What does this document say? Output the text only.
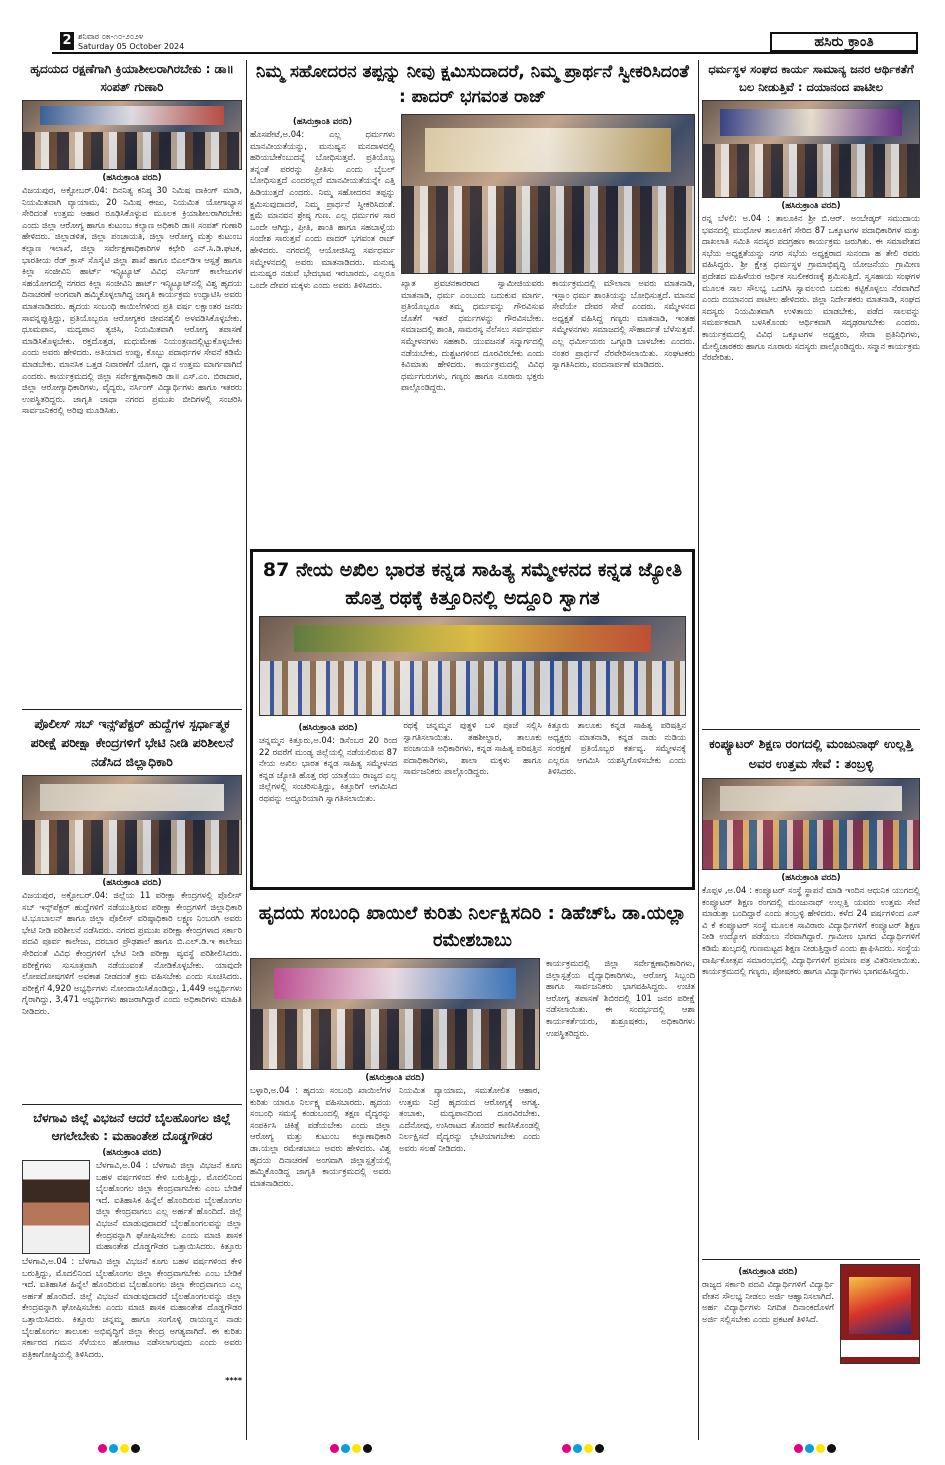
2 ಶನಿವಾರ ೦೫-೧೦-೨೦೨೪
Saturday 05 October 2024	ಹಸಿರು ಕ್ರಾಂತಿ
ಹೃದಯದ ರಕ್ಷಣೆಗಾಗಿ ಕ್ರಿಯಾಶೀಲರಾಗಿರಬೇಕು : ಡಾ॥ ಸಂಪತ್ ಗುಣಾರಿ
(ಹಸಿರುಕ್ರಾಂತಿ ವರದಿ)
ವಿಜಯಪುರ, ಅಕ್ಟೋಬರ್.04: ದಿನನಿತ್ಯ ಕನಿಷ್ಠ 30 ನಿಮಿಷ ವಾಕಿಂಗ್ ಮಾಡಿ, ನಿಯಮಿತವಾಗಿ ವ್ಯಾಯಾಮ, 20 ನಿಮಿಷ ಈಜು, ನಿಯಮಿತ ಯೋಗಾಭ್ಯಾಸ ಸೇರಿದಂತೆ ಉತ್ತಮ ಆಹಾರ ರೂಢಿಸಿಕೊಳ್ಳುವ ಮೂಲಕ ಕ್ರಿಯಾಶೀಲರಾಗಿರಬೇಕು ಎಂದು ಜಿಲ್ಲಾ ಆರೋಗ್ಯ ಹಾಗೂ ಕುಟುಂಬ ಕಲ್ಯಾಣ ಅಧಿಕಾರಿ ಡಾ॥ ಸಂಪತ್ ಗುಣಾರಿ ಹೇಳಿದರು. ಜಿಲ್ಲಾಡಳಿತ, ಜಿಲ್ಲಾ ಪಂಚಾಯತಿ, ಜಿಲ್ಲಾ ಆರೋಗ್ಯ ಮತ್ತು ಕುಟುಂಬ ಕಲ್ಯಾಣ ಇಲಾಖೆ, ಜಿಲ್ಲಾ ಸರ್ವೇಕ್ಷಣಾಧಿಕಾರಿಗಳ ಕಛೇರಿ ಎನ್.ಸಿ.ಡಿ.ಘಟಕ, ಭಾರತೀಯ ರೆಡ್ ಕ್ರಾಸ್ ಸೊಸೈಟಿ ಜಿಲ್ಲಾ ಶಾಖೆ ಹಾಗೂ ಬಿಎಲ್‌ಡಿಇ ಆಸ್ಪತ್ರೆ ಹಾಗೂ ಕಿಲ್ಲಾ ಸಂಜೀವಿನಿ ಹಾರ್ಟ್ ಇನ್ಸ್ಟಿಟ್ಯೂಟ್ ವಿವಿಧ ನರ್ಸಿಂಗ್ ಕಾಲೇಜುಗಳ ಸಹಯೋಗದಲ್ಲಿ ನಗರದ ಕಿಲ್ಲಾ ಸಂಜೀವಿನಿ ಹಾರ್ಟ್ ಇನ್ಸ್ಟಿಟ್ಯೂಟ್‌ನಲ್ಲಿ ವಿಶ್ವ ಹೃದಯ ದಿನಾಚರಣೆ ಅಂಗವಾಗಿ ಹಮ್ಮಿಕೊಳ್ಳಲಾಗಿದ್ದ ಜಾಗೃತಿ ಕಾರ್ಯಕ್ರಮ ಉದ್ಘಾಟಿಸಿ ಅವರು ಮಾತನಾಡಿದರು. ಹೃದಯ ಸಂಬಂಧಿ ಕಾಯಿಲೆಗಳಿಂದ ಪ್ರತಿ ವರ್ಷ ಲಕ್ಷಾಂತರ ಜನರು ಸಾವನ್ನಪ್ಪುತ್ತಿದ್ದು, ಪ್ರತಿಯೊಬ್ಬರೂ ಆರೋಗ್ಯಕರ ಜೀವನಶೈಲಿ ಅಳವಡಿಸಿಕೊಳ್ಳಬೇಕು. ಧೂಮಪಾನ, ಮದ್ಯಪಾನ ತ್ಯಜಿಸಿ, ನಿಯಮಿತವಾಗಿ ಆರೋಗ್ಯ ತಪಾಸಣೆ ಮಾಡಿಸಿಕೊಳ್ಳಬೇಕು. ರಕ್ತದೊತ್ತಡ, ಮಧುಮೇಹ ನಿಯಂತ್ರಣದಲ್ಲಿಟ್ಟುಕೊಳ್ಳಬೇಕು ಎಂದು ಅವರು ಹೇಳಿದರು. ಅತಿಯಾದ ಉಪ್ಪು, ಕೊಬ್ಬು ಪದಾರ್ಥಗಳ ಸೇವನೆ ಕಡಿಮೆ ಮಾಡಬೇಕು. ಮಾನಸಿಕ ಒತ್ತಡ ನಿವಾರಣೆಗೆ ಯೋಗ, ಧ್ಯಾನ ಉತ್ತಮ ಮಾರ್ಗವಾಗಿದೆ ಎಂದರು. ಕಾರ್ಯಕ್ರಮದಲ್ಲಿ ಜಿಲ್ಲಾ ಸರ್ವೇಕ್ಷಣಾಧಿಕಾರಿ ಡಾ॥ ಎಸ್.ಎಂ. ಬಿರಾದಾರ, ಜಿಲ್ಲಾ ಆರೋಗ್ಯಾಧಿಕಾರಿಗಳು, ವೈದ್ಯರು, ನರ್ಸಿಂಗ್ ವಿದ್ಯಾರ್ಥಿಗಳು ಹಾಗೂ ಇತರರು ಉಪಸ್ಥಿತರಿದ್ದರು. ಜಾಗೃತಿ ಜಾಥಾ ನಗರದ ಪ್ರಮುಖ ಬೀದಿಗಳಲ್ಲಿ ಸಂಚರಿಸಿ ಸಾರ್ವಜನಿಕರಲ್ಲಿ ಅರಿವು ಮೂಡಿಸಿತು.
ಪೊಲೀಸ್ ಸಬ್ ಇನ್ಸ್‌ಪೆಕ್ಟರ್ ಹುದ್ದೆಗಳ ಸ್ಪರ್ಧಾತ್ಮಕ ಪರೀಕ್ಷೆ ಪರೀಕ್ಷಾ ಕೇಂದ್ರಗಳಿಗೆ ಭೇಟಿ ನೀಡಿ ಪರಿಶೀಲನೆ ನಡೆಸಿದ ಜಿಲ್ಲಾಧಿಕಾರಿ
(ಹಸಿರುಕ್ರಾಂತಿ ವರದಿ)
ವಿಜಯಪುರ, ಅಕ್ಟೋಬರ್.04: ಜಿಲ್ಲೆಯ 11 ಪರೀಕ್ಷಾ ಕೇಂದ್ರಗಳಲ್ಲಿ ಪೊಲೀಸ್ ಸಬ್ ಇನ್ಸ್‌ಪೆಕ್ಟರ್ ಹುದ್ದೆಗಳಿಗೆ ನಡೆಯುತ್ತಿರುವ ಪರೀಕ್ಷಾ ಕೇಂದ್ರಗಳಿಗೆ ಜಿಲ್ಲಾಧಿಕಾರಿ ಟಿ.ಭೂಬಾಲನ್ ಹಾಗೂ ಜಿಲ್ಲಾ ಪೊಲೀಸ್ ವರಿಷ್ಠಾಧಿಕಾರಿ ಲಕ್ಷ್ಮಣ ನಿಂಬರಗಿ ಅವರು ಭೇಟಿ ನೀಡಿ ಪರಿಶೀಲನೆ ನಡೆಸಿದರು. ನಗರದ ಪ್ರಮುಖ ಪರೀಕ್ಷಾ ಕೇಂದ್ರಗಳಾದ ಸರ್ಕಾರಿ ಪದವಿ ಪೂರ್ವ ಕಾಲೇಜು, ದರಬಾರ ಪ್ರೌಢಶಾಲೆ ಹಾಗೂ ಬಿ.ಎಲ್.ಡಿ.ಇ ಕಾಲೇಜು ಸೇರಿದಂತೆ ವಿವಿಧ ಕೇಂದ್ರಗಳಿಗೆ ಭೇಟಿ ನೀಡಿ ಪರೀಕ್ಷಾ ವ್ಯವಸ್ಥೆ ಪರಿಶೀಲಿಸಿದರು. ಪರೀಕ್ಷೆಗಳು ಸುಸೂತ್ರವಾಗಿ ನಡೆಯುವಂತೆ ನೋಡಿಕೊಳ್ಳಬೇಕು. ಯಾವುದೇ ಲೋಪದೋಷಗಳಿಗೆ ಅವಕಾಶ ನೀಡದಂತೆ ಕ್ರಮ ವಹಿಸಬೇಕು ಎಂದು ಸೂಚಿಸಿದರು. ಪರೀಕ್ಷೆಗೆ 4,920 ಅಭ್ಯರ್ಥಿಗಳು ನೋಂದಾಯಿಸಿಕೊಂಡಿದ್ದು, 1,449 ಅಭ್ಯರ್ಥಿಗಳು ಗೈರಾಗಿದ್ದು, 3,471 ಅಭ್ಯರ್ಥಿಗಳು ಹಾಜರಾಗಿದ್ದಾರೆ ಎಂದು ಅಧಿಕಾರಿಗಳು ಮಾಹಿತಿ ನೀಡಿದರು.
ಬೆಳಗಾವಿ ಜಿಲ್ಲೆ ವಿಭಜನೆ ಆದರೆ ಬೈಲಹೊಂಗಲ ಜಿಲ್ಲೆ ಆಗಲೇಬೇಕು : ಮಹಾಂತೇಶ ದೊಡ್ಡಗೌಡರ
(ಹಸಿರುಕ್ರಾಂತಿ ವರದಿ)
ಬೆಳಗಾವಿ,ಅ.04 : ಬೆಳಗಾವಿ ಜಿಲ್ಲಾ ವಿಭಜನೆ ಕೂಗು ಬಹಳ ವರ್ಷಗಳಿಂದ ಕೇಳಿ ಬರುತ್ತಿದ್ದು, ಮೊದಲಿನಿಂದ ಬೈಲಹೊಂಗಲ ಜಿಲ್ಲಾ ಕೇಂದ್ರವಾಗಬೇಕು ಎಂಬ ಬೇಡಿಕೆ ಇದೆ. ಐತಿಹಾಸಿಕ ಹಿನ್ನೆಲೆ ಹೊಂದಿರುವ ಬೈಲಹೊಂಗಲ ಜಿಲ್ಲಾ ಕೇಂದ್ರವಾಗಲು ಎಲ್ಲ ಅರ್ಹತೆ ಹೊಂದಿದೆ. ಜಿಲ್ಲೆ ವಿಭಜನೆ ಮಾಡುವುದಾದರೆ ಬೈಲಹೊಂಗಲವನ್ನು ಜಿಲ್ಲಾ ಕೇಂದ್ರವನ್ನಾಗಿ ಘೋಷಿಸಬೇಕು ಎಂದು ಮಾಜಿ ಶಾಸಕ ಮಹಾಂತೇಶ ದೊಡ್ಡಗೌಡರ ಒತ್ತಾಯಿಸಿದರು. ಕಿತ್ತೂರು
ಬೆಳಗಾವಿ,ಅ.04 : ಬೆಳಗಾವಿ ಜಿಲ್ಲಾ ವಿಭಜನೆ ಕೂಗು ಬಹಳ ವರ್ಷಗಳಿಂದ ಕೇಳಿ ಬರುತ್ತಿದ್ದು, ಮೊದಲಿನಿಂದ ಬೈಲಹೊಂಗಲ ಜಿಲ್ಲಾ ಕೇಂದ್ರವಾಗಬೇಕು ಎಂಬ ಬೇಡಿಕೆ ಇದೆ. ಐತಿಹಾಸಿಕ ಹಿನ್ನೆಲೆ ಹೊಂದಿರುವ ಬೈಲಹೊಂಗಲ ಜಿಲ್ಲಾ ಕೇಂದ್ರವಾಗಲು ಎಲ್ಲ ಅರ್ಹತೆ ಹೊಂದಿದೆ. ಜಿಲ್ಲೆ ವಿಭಜನೆ ಮಾಡುವುದಾದರೆ ಬೈಲಹೊಂಗಲವನ್ನು ಜಿಲ್ಲಾ ಕೇಂದ್ರವನ್ನಾಗಿ ಘೋಷಿಸಬೇಕು ಎಂದು ಮಾಜಿ ಶಾಸಕ ಮಹಾಂತೇಶ ದೊಡ್ಡಗೌಡರ ಒತ್ತಾಯಿಸಿದರು. ಕಿತ್ತೂರು ಚನ್ನಮ್ಮ ಹಾಗೂ ಸಂಗೊಳ್ಳಿ ರಾಯಣ್ಣನ ನಾಡು ಬೈಲಹೊಂಗಲ ತಾಲೂಕು ಅಭಿವೃದ್ಧಿಗೆ ಜಿಲ್ಲಾ ಕೇಂದ್ರ ಅಗತ್ಯವಾಗಿದೆ. ಈ ಕುರಿತು ಸರ್ಕಾರದ ಗಮನ ಸೆಳೆಯಲು ಹೋರಾಟ ನಡೆಸಲಾಗುವುದು ಎಂದು ಅವರು ಪತ್ರಿಕಾಗೋಷ್ಠಿಯಲ್ಲಿ ತಿಳಿಸಿದರು.
****
ನಿಮ್ಮ ಸಹೋದರನ ತಪ್ಪನ್ನು ನೀವು ಕ್ಷಮಿಸುದಾದರೆ, ನಿಮ್ಮ ಪ್ರಾರ್ಥನೆ ಸ್ವೀಕರಿಸಿದಂತೆ : ಪಾದರ್ ಭಗವಂತ ರಾಜ್
(ಹಸಿರುಕ್ರಾಂತಿ ವರದಿ)
ಹೊಸಪೇಟೆ,ಅ.04: ಎಲ್ಲ ಧರ್ಮಗಳು ಮಾನವೀಯತೆಯನ್ನು, ಮನುಷ್ಯನ ಮನದಾಳದಲ್ಲಿ ಹರಿಯಬೇಕೆಂಬುದನ್ನೆ ಬೋಧಿಸುತ್ತವೆ. ಪ್ರತಿಯೊಬ್ಬ ತನ್ನಂತೆ ಪರರನ್ನು ಪ್ರೀತಿಸು ಎಂದು ಬೈಬಲ್ ಬೋಧಿಸುತ್ತದೆ ಎಂದರಲ್ಲದೆ ಮಾನವೀಯತೆಯನ್ನೇ ಎತ್ತಿ ಹಿಡಿಯುತ್ತದೆ ಎಂದರು. ನಿಮ್ಮ ಸಹೋದರನ ತಪ್ಪನ್ನು ಕ್ಷಮಿಸುವುದಾದರೆ, ನಿಮ್ಮ ಪ್ರಾರ್ಥನೆ ಸ್ವೀಕರಿಸಿದಂತೆ. ಕ್ಷಮೆ ಮಾನವನ ಶ್ರೇಷ್ಠ ಗುಣ. ಎಲ್ಲ ಧರ್ಮಗಳ ಸಾರ ಒಂದೇ ಆಗಿದ್ದು, ಪ್ರೀತಿ, ಶಾಂತಿ ಹಾಗೂ ಸಹಬಾಳ್ವೆಯ ಸಂದೇಶ ಸಾರುತ್ತವೆ ಎಂದು ಪಾದರ್ ಭಗವಂತ ರಾಜ್ ಹೇಳಿದರು. ನಗರದಲ್ಲಿ ಆಯೋಜಿಸಿದ್ದ ಸರ್ವಧರ್ಮ ಸಮ್ಮೇಳನದಲ್ಲಿ ಅವರು ಮಾತನಾಡಿದರು. ಮನುಷ್ಯ ಮನುಷ್ಯರ ನಡುವೆ ಭೇದಭಾವ ಇರಬಾರದು, ಎಲ್ಲರೂ ಒಂದೇ ದೇವರ ಮಕ್ಕಳು ಎಂದು ಅವರು ತಿಳಿಸಿದರು.	ಖ್ಯಾತ ಪ್ರವಚನಕಾರರಾದ ಸ್ವಾಮೀಜಿಯವರು ಮಾತನಾಡಿ, ಧರ್ಮ ಎಂಬುದು ಬದುಕುವ ಮಾರ್ಗ. ಪ್ರತಿಯೊಬ್ಬರೂ ತಮ್ಮ ಧರ್ಮವನ್ನು ಗೌರವಿಸುವ ಜೊತೆಗೆ ಇತರೆ ಧರ್ಮಗಳನ್ನು ಗೌರವಿಸಬೇಕು. ಸಮಾಜದಲ್ಲಿ ಶಾಂತಿ, ಸಾಮರಸ್ಯ ನೆಲೆಸಲು ಸರ್ವಧರ್ಮ ಸಮ್ಮೇಳನಗಳು ಸಹಕಾರಿ. ಯುವಜನತೆ ಸನ್ಮಾರ್ಗದಲ್ಲಿ ನಡೆಯಬೇಕು, ದುಶ್ಚಟಗಳಿಂದ ದೂರವಿರಬೇಕು ಎಂದು ಕಿವಿಮಾತು ಹೇಳಿದರು. ಕಾರ್ಯಕ್ರಮದಲ್ಲಿ ವಿವಿಧ ಧರ್ಮಗುರುಗಳು, ಗಣ್ಯರು ಹಾಗೂ ನೂರಾರು ಭಕ್ತರು ಪಾಲ್ಗೊಂಡಿದ್ದರು.
ಕಾರ್ಯಕ್ರಮದಲ್ಲಿ ಮೌಲಾನಾ ಅವರು ಮಾತನಾಡಿ, ಇಸ್ಲಾಂ ಧರ್ಮ ಶಾಂತಿಯನ್ನು ಬೋಧಿಸುತ್ತದೆ. ಮಾನವ ಸೇವೆಯೇ ದೇವರ ಸೇವೆ ಎಂದರು. ಸಮ್ಮೇಳನದ ಅಧ್ಯಕ್ಷತೆ ವಹಿಸಿದ್ದ ಗಣ್ಯರು ಮಾತನಾಡಿ, ಇಂತಹ ಸಮ್ಮೇಳನಗಳು ಸಮಾಜದಲ್ಲಿ ಸೌಹಾರ್ದತೆ ಬೆಳೆಸುತ್ತವೆ. ಎಲ್ಲ ಧರ್ಮೀಯರು ಒಗ್ಗೂಡಿ ಬಾಳಬೇಕು ಎಂದರು. ನಂತರ ಪ್ರಾರ್ಥನೆ ನೆರವೇರಿಸಲಾಯಿತು. ಸಂಘಟಕರು ಸ್ವಾಗತಿಸಿದರು, ವಂದನಾರ್ಪಣೆ ಮಾಡಿದರು.
87 ನೇಯ ಅಖಿಲ ಭಾರತ ಕನ್ನಡ ಸಾಹಿತ್ಯ ಸಮ್ಮೇಳನದ ಕನ್ನಡ ಜ್ಯೋತಿ ಹೊತ್ತ ರಥಕ್ಕೆ ಕಿತ್ತೂರಿನಲ್ಲಿ ಅದ್ದೂರಿ ಸ್ವಾಗತ
(ಹಸಿರುಕ್ರಾಂತಿ ವರದಿ)
ಚನ್ನಮ್ಮನ ಕಿತ್ತೂರು,ಅ.04: ಡಿಸೆಂಬರ 20 ರಿಂದ 22 ರವರೆಗೆ ಮಂಡ್ಯ ಜಿಲ್ಲೆಯಲ್ಲಿ ನಡೆಯಲಿರುವ 87 ನೇಯ ಅಖಿಲ ಭಾರತ ಕನ್ನಡ ಸಾಹಿತ್ಯ ಸಮ್ಮೇಳನದ ಕನ್ನಡ ಜ್ಯೋತಿ ಹೊತ್ತ ರಥ ಯಾತ್ರೆಯು ರಾಜ್ಯದ ಎಲ್ಲ ಜಿಲ್ಲೆಗಳಲ್ಲಿ ಸಂಚರಿಸುತ್ತಿದ್ದು, ಕಿತ್ತೂರಿಗೆ ಆಗಮಿಸಿದ ರಥವನ್ನು ಅದ್ದೂರಿಯಾಗಿ ಸ್ವಾಗತಿಸಲಾಯಿತು.
ರಥಕ್ಕೆ ಚನ್ನಮ್ಮನ ಪುತ್ಥಳಿ ಬಳಿ ಪೂಜೆ ಸಲ್ಲಿಸಿ ಸ್ವಾಗತಿಸಲಾಯಿತು. ತಹಶೀಲ್ದಾರ, ತಾಲೂಕು ಪಂಚಾಯತಿ ಅಧಿಕಾರಿಗಳು, ಕನ್ನಡ ಸಾಹಿತ್ಯ ಪರಿಷತ್ತಿನ ಪದಾಧಿಕಾರಿಗಳು, ಶಾಲಾ ಮಕ್ಕಳು ಹಾಗೂ ಸಾರ್ವಜನಿಕರು ಪಾಲ್ಗೊಂಡಿದ್ದರು.
ಕಿತ್ತೂರು ತಾಲೂಕು ಕನ್ನಡ ಸಾಹಿತ್ಯ ಪರಿಷತ್ತಿನ ಅಧ್ಯಕ್ಷರು ಮಾತನಾಡಿ, ಕನ್ನಡ ನಾಡು ನುಡಿಯ ಸಂರಕ್ಷಣೆ ಪ್ರತಿಯೊಬ್ಬರ ಕರ್ತವ್ಯ. ಸಮ್ಮೇಳನಕ್ಕೆ ಎಲ್ಲರೂ ಆಗಮಿಸಿ ಯಶಸ್ವಿಗೊಳಿಸಬೇಕು ಎಂದು ತಿಳಿಸಿದರು.
ಹೃದಯ ಸಂಬಂಧಿ ಖಾಯಿಲೆ ಕುರಿತು ನಿರ್ಲಕ್ಷಿಸದಿರಿ : ಡಿಹೆಚ್‌ಓ ಡಾ.ಯಲ್ಲಾ ರಮೇಶಬಾಬು
(ಹಸಿರುಕ್ರಾಂತಿ ವರದಿ)
ಬಳ್ಳಾರಿ,ಅ.04 : ಹೃದಯ ಸಂಬಂಧಿ ಖಾಯಿಲೆಗಳ ಕುರಿತು ಯಾರೂ ನಿರ್ಲಕ್ಷ್ಯ ವಹಿಸಬಾರದು. ಹೃದಯ ಸಂಬಂಧಿ ಸಮಸ್ಯೆ ಕಂಡುಬಂದಲ್ಲಿ ತಕ್ಷಣ ವೈದ್ಯರನ್ನು ಸಂಪರ್ಕಿಸಿ ಚಿಕಿತ್ಸೆ ಪಡೆಯಬೇಕು ಎಂದು ಜಿಲ್ಲಾ ಆರೋಗ್ಯ ಮತ್ತು ಕುಟುಂಬ ಕಲ್ಯಾಣಾಧಿಕಾರಿ ಡಾ.ಯಲ್ಲಾ ರಮೇಶಬಾಬು ಅವರು ಹೇಳಿದರು. ವಿಶ್ವ ಹೃದಯ ದಿನಾಚರಣೆ ಅಂಗವಾಗಿ ಜಿಲ್ಲಾಸ್ಪತ್ರೆಯಲ್ಲಿ ಹಮ್ಮಿಕೊಂಡಿದ್ದ ಜಾಗೃತಿ ಕಾರ್ಯಕ್ರಮದಲ್ಲಿ ಅವರು ಮಾತನಾಡಿದರು.
ನಿಯಮಿತ ವ್ಯಾಯಾಮ, ಸಮತೋಲಿತ ಆಹಾರ, ಉತ್ತಮ ನಿದ್ರೆ ಹೃದಯದ ಆರೋಗ್ಯಕ್ಕೆ ಅಗತ್ಯ. ತಂಬಾಕು, ಮದ್ಯಪಾನದಿಂದ ದೂರವಿರಬೇಕು. ಎದೆನೋವು, ಉಸಿರಾಟದ ತೊಂದರೆ ಕಾಣಿಸಿಕೊಂಡಲ್ಲಿ ನಿರ್ಲಕ್ಷಿಸದೆ ವೈದ್ಯರನ್ನು ಭೇಟಿಯಾಗಬೇಕು ಎಂದು ಅವರು ಸಲಹೆ ನೀಡಿದರು.
ಕಾರ್ಯಕ್ರಮದಲ್ಲಿ ಜಿಲ್ಲಾ ಸರ್ವೇಕ್ಷಣಾಧಿಕಾರಿಗಳು, ಜಿಲ್ಲಾಸ್ಪತ್ರೆಯ ವೈದ್ಯಾಧಿಕಾರಿಗಳು, ಆರೋಗ್ಯ ಸಿಬ್ಬಂದಿ ಹಾಗೂ ಸಾರ್ವಜನಿಕರು ಭಾಗವಹಿಸಿದ್ದರು. ಉಚಿತ ಆರೋಗ್ಯ ತಪಾಸಣೆ ಶಿಬಿರದಲ್ಲಿ 101 ಜನರ ಪರೀಕ್ಷೆ ನಡೆಸಲಾಯಿತು. ಈ ಸಂದರ್ಭದಲ್ಲಿ ಆಶಾ ಕಾರ್ಯಕರ್ತೆಯರು, ಶುಶ್ರೂಷಕರು, ಅಧಿಕಾರಿಗಳು ಉಪಸ್ಥಿತರಿದ್ದರು.
ಧರ್ಮಸ್ಥಳ ಸಂಘದ ಕಾರ್ಯ ಸಾಮಾನ್ಯ ಜನರ ಆರ್ಥಿಕತೆಗೆ ಬಲ ನೀಡುತ್ತಿವೆ : ದಯಾನಂದ ಪಾಟೀಲ
(ಹಸಿರುಕ್ರಾಂತಿ ವರದಿ)
ರನ್ನ ಬೆಳಲಿ: ಅ.04 : ತಾಲೂಕಿನ ಶ್ರೀ ಬಿ.ಆರ್. ಅಂಬೇಡ್ಕರ್ ಸಮುದಾಯ ಭವನದಲ್ಲಿ ಮುಧೋಳ ತಾಲೂಕಿಗೆ ಸೇರಿದ 87 ಒಕ್ಕೂಟಗಳ ಪದಾಧಿಕಾರಿಗಳ ಮತ್ತು ದಾಖಲಾತಿ ಸಮಿತಿ ಸದಸ್ಯರ ಪದಗ್ರಹಣ ಕಾರ್ಯಕ್ರಮ ಜರುಗಿತು. ಈ ಸಮಾವೇಶದ ಸಭೆಯ ಅಧ್ಯಕ್ಷತೆಯನ್ನು ನಗರ ಸಭೆಯ ಅಧ್ಯಕ್ಷರಾದ ಸುನಂದಾ ಹ ತೇಲಿ ರವರು ವಹಿಸಿದ್ದರು. ಶ್ರೀ ಕ್ಷೇತ್ರ ಧರ್ಮಸ್ಥಳ ಗ್ರಾಮಾಭಿವೃದ್ಧಿ ಯೋಜನೆಯು ಗ್ರಾಮೀಣ ಪ್ರದೇಶದ ಮಹಿಳೆಯರ ಆರ್ಥಿಕ ಸಬಲೀಕರಣಕ್ಕೆ ಶ್ರಮಿಸುತ್ತಿದೆ. ಸ್ವಸಹಾಯ ಸಂಘಗಳ ಮೂಲಕ ಸಾಲ ಸೌಲಭ್ಯ ಒದಗಿಸಿ ಸ್ವಾವಲಂಬಿ ಬದುಕು ಕಟ್ಟಿಕೊಳ್ಳಲು ನೆರವಾಗಿದೆ ಎಂದು ದಯಾನಂದ ಪಾಟೀಲ ಹೇಳಿದರು. ಜಿಲ್ಲಾ ನಿರ್ದೇಶಕರು ಮಾತನಾಡಿ, ಸಂಘದ ಸದಸ್ಯರು ನಿಯಮಿತವಾಗಿ ಉಳಿತಾಯ ಮಾಡಬೇಕು, ಪಡೆದ ಸಾಲವನ್ನು ಸಮರ್ಪಕವಾಗಿ ಬಳಸಿಕೊಂಡು ಆರ್ಥಿಕವಾಗಿ ಸದೃಢರಾಗಬೇಕು ಎಂದರು. ಕಾರ್ಯಕ್ರಮದಲ್ಲಿ ವಿವಿಧ ಒಕ್ಕೂಟಗಳ ಅಧ್ಯಕ್ಷರು, ಸೇವಾ ಪ್ರತಿನಿಧಿಗಳು, ಮೇಲ್ವಿಚಾರಕರು ಹಾಗೂ ನೂರಾರು ಸದಸ್ಯರು ಪಾಲ್ಗೊಂಡಿದ್ದರು. ಸನ್ಮಾನ ಕಾರ್ಯಕ್ರಮ ನೆರವೇರಿತು.
ಕಂಪ್ಯೂಟರ್ ಶಿಕ್ಷಣ ರಂಗದಲ್ಲಿ ಮಂಜುನಾಥ್ ಉಲ್ಲತ್ತಿ ಅವರ ಉತ್ತಮ ಸೇವೆ : ತಂಬ್ರಳ್ಳಿ
(ಹಸಿರುಕ್ರಾಂತಿ ವರದಿ)
ಕೊಪ್ಪಳ ,ಅ.04 : ಕಂಪ್ಯೂಟರ್ ಸಂಸ್ಥೆ ಸ್ಥಾಪನೆ ಮಾಡಿ ಇಂದಿನ ಆಧುನಿಕ ಯುಗದಲ್ಲಿ ಕಂಪ್ಯೂಟರ್ ಶಿಕ್ಷಣ ರಂಗದಲ್ಲಿ ಮಂಜುನಾಥ್ ಉಲ್ಲತ್ತಿ ಯವರು ಉತ್ತಮ ಸೇವೆ ಮಾಡುತ್ತಾ ಬಂದಿದ್ದಾರೆ ಎಂದು ತಂಬ್ರಳ್ಳಿ ಹೇಳಿದರು. ಕಳೆದ 24 ವರ್ಷಗಳಿಂದ ಎಸ್ ವಿ ಕೆ ಕಂಪ್ಯೂಟರ್ ಸಂಸ್ಥೆ ಮೂಲಕ ಸಾವಿರಾರು ವಿದ್ಯಾರ್ಥಿಗಳಿಗೆ ಕಂಪ್ಯೂಟರ್ ಶಿಕ್ಷಣ ನೀಡಿ ಉದ್ಯೋಗ ಪಡೆಯಲು ನೆರವಾಗಿದ್ದಾರೆ. ಗ್ರಾಮೀಣ ಭಾಗದ ವಿದ್ಯಾರ್ಥಿಗಳಿಗೆ ಕಡಿಮೆ ಶುಲ್ಕದಲ್ಲಿ ಗುಣಮಟ್ಟದ ಶಿಕ್ಷಣ ನೀಡುತ್ತಿದ್ದಾರೆ ಎಂದು ಶ್ಲಾಘಿಸಿದರು. ಸಂಸ್ಥೆಯ ವಾರ್ಷಿಕೋತ್ಸವ ಸಮಾರಂಭದಲ್ಲಿ ವಿದ್ಯಾರ್ಥಿಗಳಿಗೆ ಪ್ರಮಾಣ ಪತ್ರ ವಿತರಿಸಲಾಯಿತು. ಕಾರ್ಯಕ್ರಮದಲ್ಲಿ ಗಣ್ಯರು, ಪೋಷಕರು ಹಾಗೂ ವಿದ್ಯಾರ್ಥಿಗಳು ಭಾಗವಹಿಸಿದ್ದರು.
(ಹಸಿರುಕ್ರಾಂತಿ ವರದಿ)
ರಾಜ್ಯದ ಸರ್ಕಾರಿ ಪದವಿ ವಿದ್ಯಾರ್ಥಿಗಳಿಗೆ ವಿದ್ಯಾರ್ಥಿ ವೇತನ ಸೌಲಭ್ಯ ನೀಡಲು ಅರ್ಜಿ ಆಹ್ವಾನಿಸಲಾಗಿದೆ. ಅರ್ಹ ವಿದ್ಯಾರ್ಥಿಗಳು ನಿಗದಿತ ದಿನಾಂಕದೊಳಗೆ ಅರ್ಜಿ ಸಲ್ಲಿಸಬೇಕು ಎಂದು ಪ್ರಕಟಣೆ ತಿಳಿಸಿದೆ.
